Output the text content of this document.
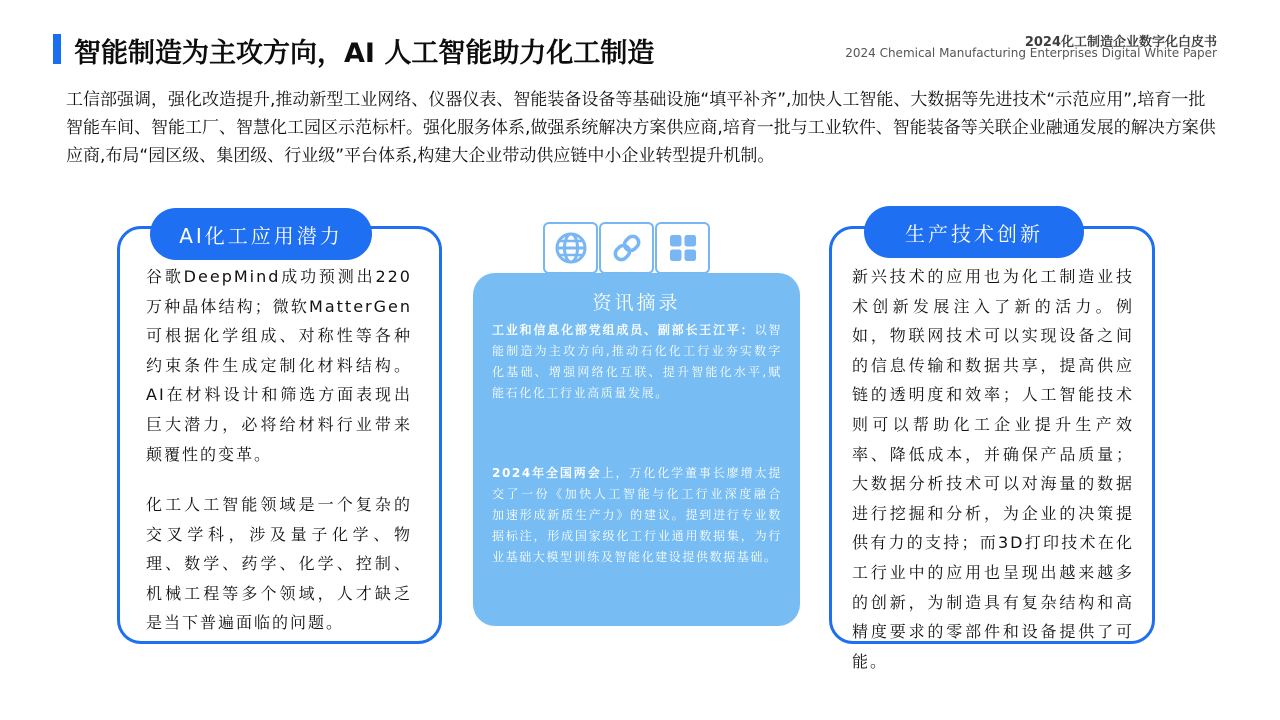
智能制造为主攻方向，AI 人工智能助力化工制造	2024化工制造企业数字化白皮书
2024 Chemical Manufacturing Enterprises Digital White Paper
工信部强调，强化改造提升,推动新型工业网络、仪器仪表、智能装备设备等基础设施“填平补齐”,加快人工智能、大数据等先进技术“示范应用”,培育一批智能车间、智能工厂、智慧化工园区示范标杆。强化服务体系,做强系统解决方案供应商,培育一批与工业软件、智能装备等关联企业融通发展的解决方案供应商,布局“园区级、集团级、行业级”平台体系,构建大企业带动供应链中小企业转型提升机制。
AI化工应用潜力
谷歌DeepMind成功预测出220万种晶体结构；微软MatterGen可根据化学组成、对称性等各种约束条件生成定制化材料结构。AI在材料设计和筛选方面表现出巨大潜力，必将给材料行业带来颠覆性的变革。
化工人工智能领域是一个复杂的交叉学科，涉及量子化学、物理、数学、药学、化学、控制、机械工程等多个领域，人才缺乏是当下普遍面临的问题。
资讯摘录
工业和信息化部党组成员、副部长王江平：以智能制造为主攻方向,推动石化化工行业夯实数字化基础、增强网络化互联、提升智能化水平,赋能石化化工行业高质量发展。
2024年全国两会上，万化化学董事长廖增太提交了一份《加快人工智能与化工行业深度融合 加速形成新质生产力》的建议。提到进行专业数据标注，形成国家级化工行业通用数据集，为行业基础大模型训练及智能化建设提供数据基础。
生产技术创新
新兴技术的应用也为化工制造业技术创新发展注入了新的活力。例如，物联网技术可以实现设备之间的信息传输和数据共享，提高供应链的透明度和效率；人工智能技术则可以帮助化工企业提升生产效率、降低成本，并确保产品质量；大数据分析技术可以对海量的数据进行挖掘和分析，为企业的决策提供有力的支持；而3D打印技术在化工行业中的应用也呈现出越来越多的创新，为制造具有复杂结构和高精度要求的零部件和设备提供了可能。
